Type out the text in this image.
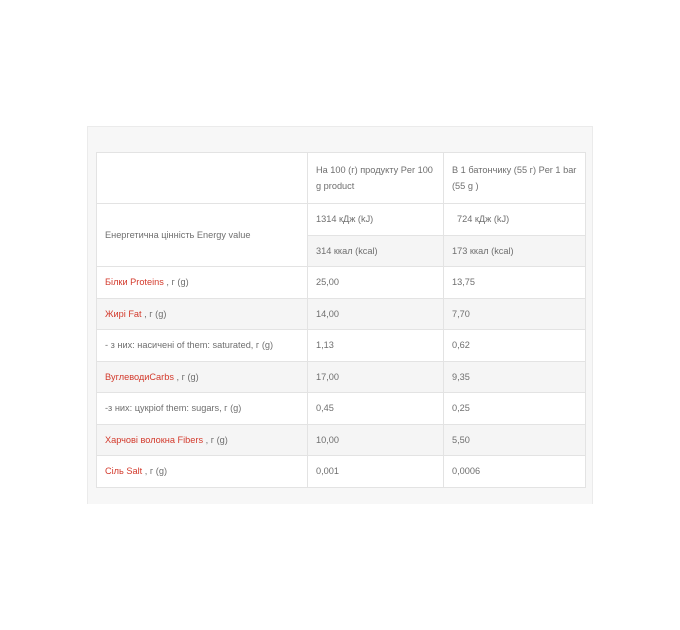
	На 100 (г) продукту Per 100 g product	В 1 батончику (55 г) Per 1 bar (55 g )
Енергетична цінність Energy value	1314 кДж (kJ)	724 кДж (kJ)
	314 ккал (kcal)	173 ккал (kcal)
Білки Proteins , г (g)	25,00	13,75
Жирі Fat , г (g)	14,00	7,70
- з них: насичені of them: saturated, г (g)	1,13	0,62
ВуглеводиCarbs , г (g)	17,00	9,35
-з них: цукріof them: sugars, г (g)	0,45	0,25
Харчові волокна Fibers , г (g)	10,00	5,50
Сіль Salt , г (g)	0,001	0,0006
